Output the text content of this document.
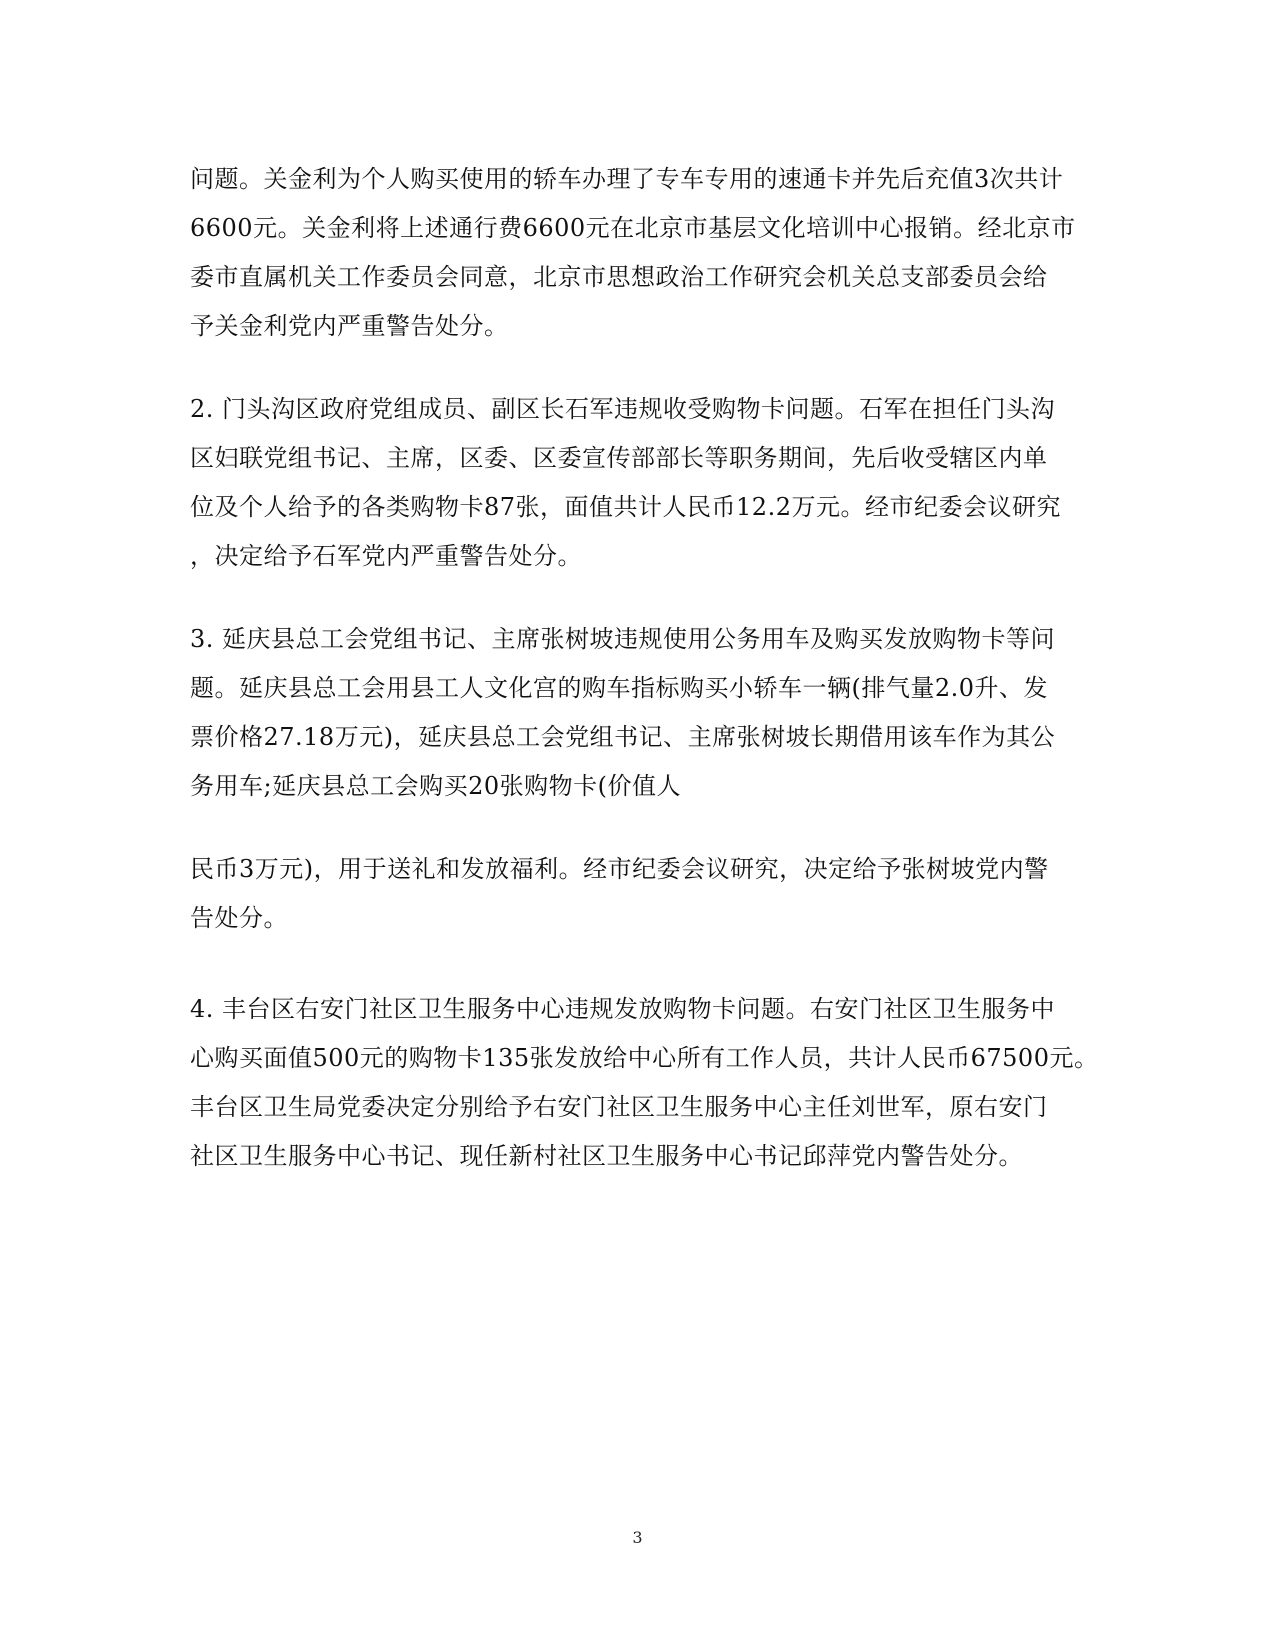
问题。关金利为个人购买使用的轿车办理了专车专用的速通卡并先后充值3次共计
6600元。关金利将上述通行费6600元在北京市基层文化培训中心报销。经北京市
委市直属机关工作委员会同意，北京市思想政治工作研究会机关总支部委员会给
予关金利党内严重警告处分。

2. 门头沟区政府党组成员、副区长石军违规收受购物卡问题。石军在担任门头沟
区妇联党组书记、主席，区委、区委宣传部部长等职务期间，先后收受辖区内单
位及个人给予的各类购物卡87张，面值共计人民币12.2万元。经市纪委会议研究
，决定给予石军党内严重警告处分。

3. 延庆县总工会党组书记、主席张树坡违规使用公务用车及购买发放购物卡等问
题。延庆县总工会用县工人文化宫的购车指标购买小轿车一辆(排气量2.0升、发
票价格27.18万元)，延庆县总工会党组书记、主席张树坡长期借用该车作为其公
务用车;延庆县总工会购买20张购物卡(价值人

民币3万元)，用于送礼和发放福利。经市纪委会议研究，决定给予张树坡党内警
告处分。

4. 丰台区右安门社区卫生服务中心违规发放购物卡问题。右安门社区卫生服务中
心购买面值500元的购物卡135张发放给中心所有工作人员，共计人民币67500元。
丰台区卫生局党委决定分别给予右安门社区卫生服务中心主任刘世军，原右安门
社区卫生服务中心书记、现任新村社区卫生服务中心书记邱萍党内警告处分。

3
